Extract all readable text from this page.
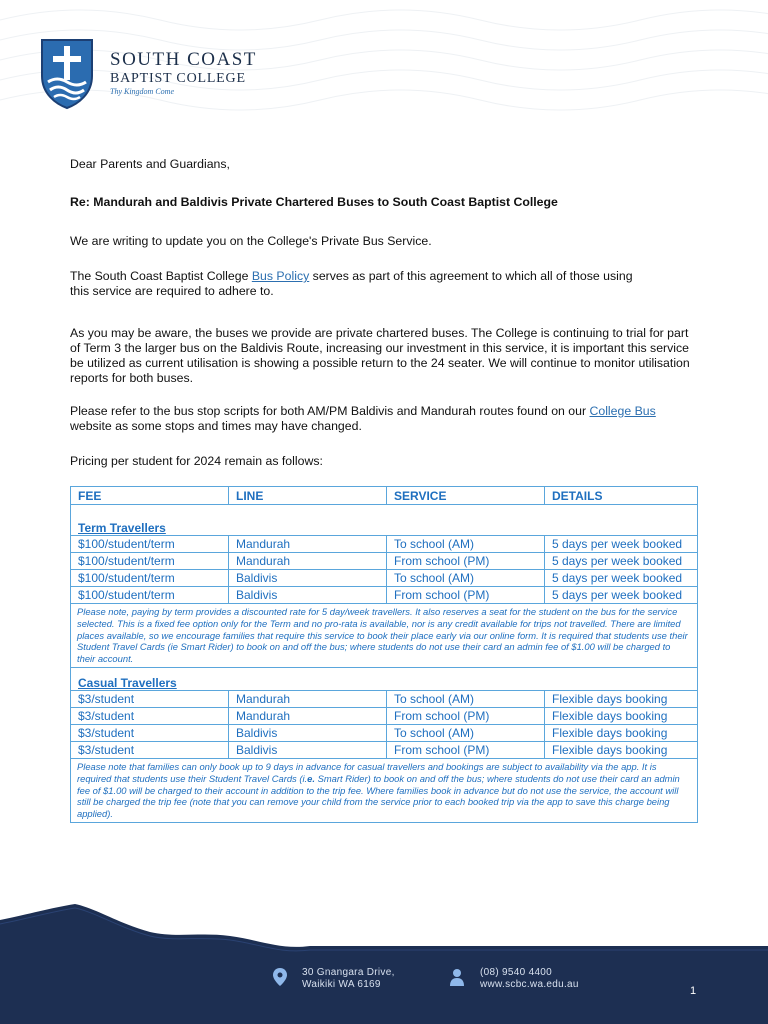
SOUTH COAST
BAPTIST COLLEGE
Thy Kingdom Come

Dear Parents and Guardians,

Re: Mandurah and Baldivis Private Chartered Buses to South Coast Baptist College

We are writing to update you on the College's Private Bus Service.

The South Coast Baptist College Bus Policy serves as part of this agreement to which all of those using
this service are required to adhere to.

As you may be aware, the buses we provide are private chartered buses. The College is continuing to trial for part of Term 3 the larger bus on the Baldivis Route, increasing our investment in this service, it is important this service be utilized as current utilisation is showing a possible return to the 24 seater. We will continue to monitor utilisation reports for both buses.

Please refer to the bus stop scripts for both AM/PM Baldivis and Mandurah routes found on our College Bus website as some stops and times may have changed.

Pricing per student for 2024 remain as follows:

FEE	LINE	SERVICE	DETAILS
Term Travellers			
$100/student/term	Mandurah	To school (AM)	5 days per week booked
$100/student/term	Mandurah	From school (PM)	5 days per week booked
$100/student/term	Baldivis	To school (AM)	5 days per week booked
$100/student/term	Baldivis	From school (PM)	5 days per week booked
Please note, paying by term provides a discounted rate for 5 day/week travellers. It also reserves a seat for the student on the bus for the service selected. This is a fixed fee option only for the Term and no pro-rata is available, nor is any credit available for trips not travelled. There are limited places available, so we encourage families that require this service to book their place early via our online form. It is required that students use their Student Travel Cards (ie Smart Rider) to book on and off the bus; where students do not use their card an admin fee of $1.00 will be charged to their account.			
Casual Travellers			
$3/student	Mandurah	To school (AM)	Flexible days booking
$3/student	Mandurah	From school (PM)	Flexible days booking
$3/student	Baldivis	To school (AM)	Flexible days booking
$3/student	Baldivis	From school (PM)	Flexible days booking
Please note that families can only book up to 9 days in advance for casual travellers and bookings are subject to availability via the app. It is required that students use their Student Travel Cards (i.e. Smart Rider) to book on and off the bus; where students do not use their card an admin fee of $1.00 will be charged to their account in addition to the trip fee. Where families book in advance but do not use the service, the account will still be charged the trip fee (note that you can remove your child from the service prior to each booked trip via the app to save this charge being applied).			
30 Gnangara Drive,
Waikiki WA 6169
(08) 9540 4400
www.scbc.wa.edu.au
1
